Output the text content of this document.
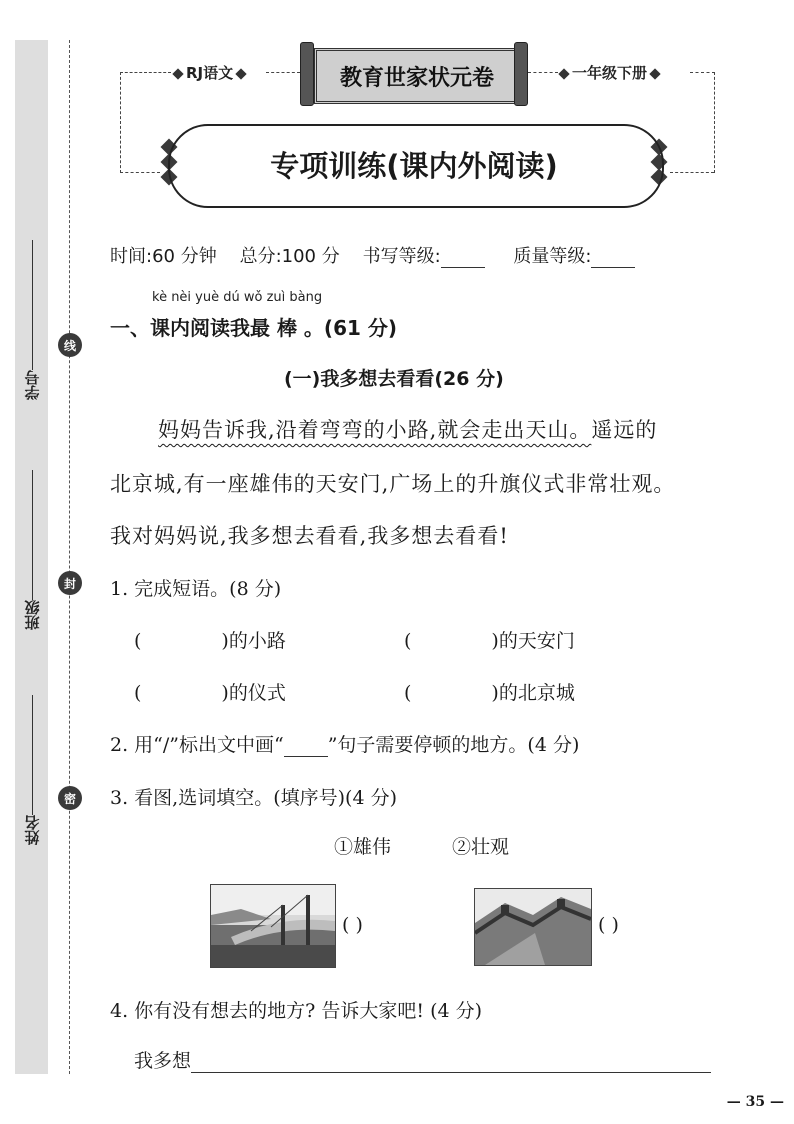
学号
班级
姓名
线
封
密
RJ语文	教育世家状元卷	一年级下册
专项训练(课内外阅读)
时间:60 分钟 总分:100 分 书写等级:	质量等级:
kè nèi yuè dú wǒ zuì bàng
一、课内阅读我最 棒 。(61 分)
(一)我多想去看看(26 分)
妈妈告诉我,沿着弯弯的小路,就会走出天山。遥远的
北京城,有一座雄伟的天安门,广场上的升旗仪式非常壮观。
我对妈妈说,我多想去看看,我多想去看看!
1. 完成短语。(8 分)
(	)的小路	(	)的天安门
(	)的仪式	(	)的北京城
2. 用“/”标出文中画“ ”句子需要停顿的地方。(4 分)
3. 看图,选词填空。(填序号)(4 分)
①雄伟	②壮观
( )	( )
4. 你有没有想去的地方? 告诉大家吧! (4 分)
我多想
— 35 —
